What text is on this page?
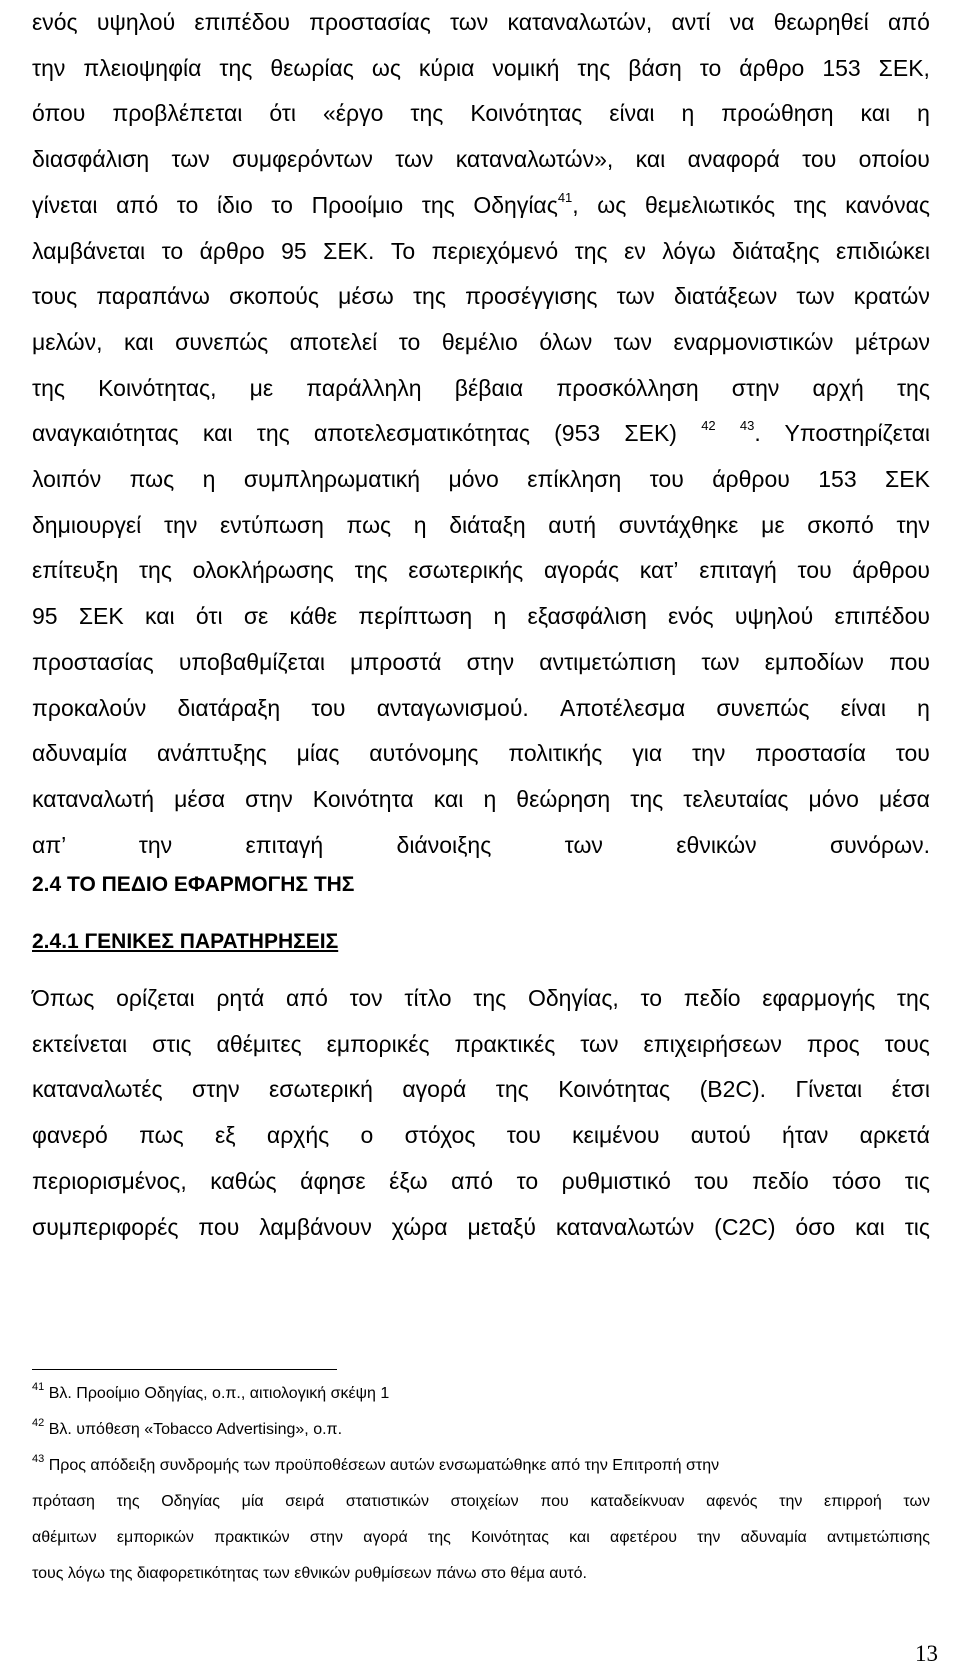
ενός υψηλού επιπέδου προστασίας των καταναλωτών, αντί να θεωρηθεί από
την πλειοψηφία της θεωρίας ως κύρια νομική της βάση το άρθρο 153 ΣΕΚ,
όπου προβλέπεται ότι «έργο της Κοινότητας είναι η προώθηση και η
διασφάλιση των συμφερόντων των καταναλωτών», και αναφορά του οποίου
γίνεται από το ίδιο το Προοίμιο της Οδηγίας$^{41}$, ως θεμελιωτικός της κανόνας
λαμβάνεται το άρθρο 95 ΣΕΚ. Το περιεχόμενό της εν λόγω διάταξης επιδιώκει
τους παραπάνω σκοπούς μέσω της προσέγγισης των διατάξεων των κρατών
μελών, και συνεπώς αποτελεί το θεμέλιο όλων των εναρμονιστικών μέτρων
της Κοινότητας, με παράλληλη βέβαια προσκόλληση στην αρχή της
αναγκαιότητας και της αποτελεσματικότητας (953 ΣΕΚ) $^{42}$ $^{43}$. Υποστηρίζεται
λοιπόν πως η συμπληρωματική μόνο επίκληση του άρθρου 153 ΣΕΚ
δημιουργεί την εντύπωση πως η διάταξη αυτή συντάχθηκε με σκοπό την
επίτευξη της ολοκλήρωσης της εσωτερικής αγοράς κατ’ επιταγή του άρθρου
95 ΣΕΚ και ότι σε κάθε περίπτωση η εξασφάλιση ενός υψηλού επιπέδου
προστασίας υποβαθμίζεται μπροστά στην αντιμετώπιση των εμποδίων που
προκαλούν διατάραξη του ανταγωνισμού. Αποτέλεσμα συνεπώς είναι η
αδυναμία ανάπτυξης μίας αυτόνομης πολιτικής για την προστασία του
καταναλωτή μέσα στην Κοινότητα και η θεώρηση της τελευταίας μόνο μέσα
απ’ την επιταγή διάνοιξης των εθνικών συνόρων.
2.4 ΤΟ ΠΕΔΙΟ ΕΦΑΡΜΟΓΗΣ ΤΗΣ
2.4.1 ΓΕΝΙΚΕΣ ΠΑΡΑΤΗΡΗΣΕΙΣ
Όπως ορίζεται ρητά από τον τίτλο της Οδηγίας, το πεδίο εφαρμογής της
εκτείνεται στις αθέμιτες εμπορικές πρακτικές των επιχειρήσεων προς τους
καταναλωτές στην εσωτερική αγορά της Κοινότητας (B2C). Γίνεται έτσι
φανερό πως εξ αρχής ο στόχος του κειμένου αυτού ήταν αρκετά
περιορισμένος, καθώς άφησε έξω από το ρυθμιστικό του πεδίο τόσο τις
συμπεριφορές που λαμβάνουν χώρα μεταξύ καταναλωτών (C2C) όσο και τις
$^{41}$ Βλ. Προοίμιο Οδηγίας, ο.π., αιτιολογική σκέψη 1
$^{42}$ Βλ. υπόθεση «Tobacco Advertising», ο.π.
$^{43}$ Προς απόδειξη συνδρομής των προϋποθέσεων αυτών ενσωματώθηκε από την Επιτροπή στην
πρόταση της Οδηγίας μία σειρά στατιστικών στοιχείων που καταδείκνυαν αφενός την επιρροή των
αθέμιτων εμπορικών πρακτικών στην αγορά της Κοινότητας και αφετέρου την αδυναμία αντιμετώπισης
τους λόγω της διαφορετικότητας των εθνικών ρυθμίσεων πάνω στο θέμα αυτό.
13
